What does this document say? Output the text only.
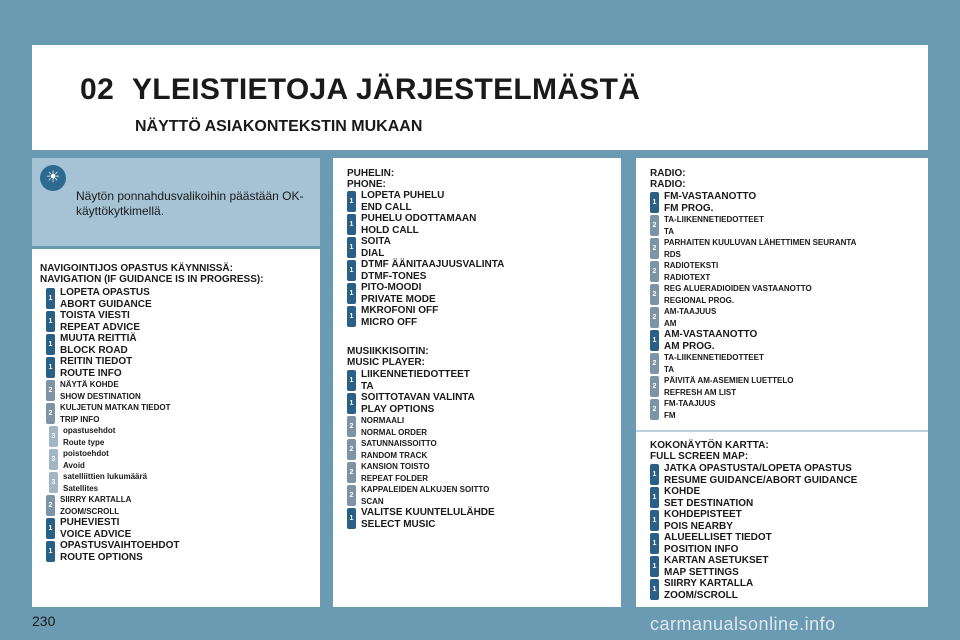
02 YLEISTIETOJA JÄRJESTELMÄSTÄ
NÄYTTÖ ASIAKONTEKSTIN MUKAAN
☀
Näytön ponnahdusvalikoihin päästään OK-käyttökytkimellä.
NAVIGOINTIJOS OPASTUS KÄYNNISSÄ:
NAVIGATION (IF GUIDANCE IS IN PROGRESS):
1
LOPETA OPASTUS
ABORT GUIDANCE
1
TOISTA VIESTI
REPEAT ADVICE
1
MUUTA REITTIÄ
BLOCK ROAD
1
REITIN TIEDOT
ROUTE INFO
2
NÄYTÄ KOHDE
SHOW DESTINATION
2
KULJETUN MATKAN TIEDOT
TRIP INFO
3
opastusehdot
Route type
3
poistoehdot
Avoid
3
satelliittien lukumäärä
Satellites
2
SIIRRY KARTALLA
ZOOM/SCROLL
1
PUHEVIESTI
VOICE ADVICE
1
OPASTUSVAIHTOEHDOT
ROUTE OPTIONS
PUHELIN:
PHONE:
1
LOPETA PUHELU
END CALL
1
PUHELU ODOTTAMAAN
HOLD CALL
1
SOITA
DIAL
1
DTMF ÄÄNITAAJUUSVALINTA
DTMF-TONES
1
PITO-MOODI
PRIVATE MODE
1
MKROFONI OFF
MICRO OFF
MUSIIKKISOITIN:
MUSIC PLAYER:
1
LIIKENNETIEDOTTEET
TA
1
SOITTOTAVAN VALINTA
PLAY OPTIONS
2
NORMAALI
NORMAL ORDER
2
SATUNNAISSOITTO
RANDOM TRACK
2
KANSION TOISTO
REPEAT FOLDER
2
KAPPALEIDEN ALKUJEN SOITTO
SCAN
1
VALITSE KUUNTELULÄHDE
SELECT MUSIC
RADIO:
RADIO:
1
FM-VASTAANOTTO
FM PROG.
2
TA-LIIKENNETIEDOTTEET
TA
2
PARHAITEN KUULUVAN LÄHETTIMEN SEURANTA
RDS
2
RADIOTEKSTI
RADIOTEXT
2
REG ALUERADIOIDEN VASTAANOTTO
REGIONAL PROG.
2
AM-TAAJUUS
AM
1
AM-VASTAANOTTO
AM PROG.
2
TA-LIIKENNETIEDOTTEET
TA
2
PÄIVITÄ AM-ASEMIEN LUETTELO
REFRESH AM LIST
2
FM-TAAJUUS
FM
KOKONÄYTÖN KARTTA:
FULL SCREEN MAP:
1
JATKA OPASTUSTA/LOPETA OPASTUS
RESUME GUIDANCE/ABORT GUIDANCE
1
KOHDE
SET DESTINATION
1
KOHDEPISTEET
POIS NEARBY
1
ALUEELLISET TIEDOT
POSITION INFO
1
KARTAN ASETUKSET
MAP SETTINGS
1
SIIRRY KARTALLA
ZOOM/SCROLL
230	carmanualsonline.info
